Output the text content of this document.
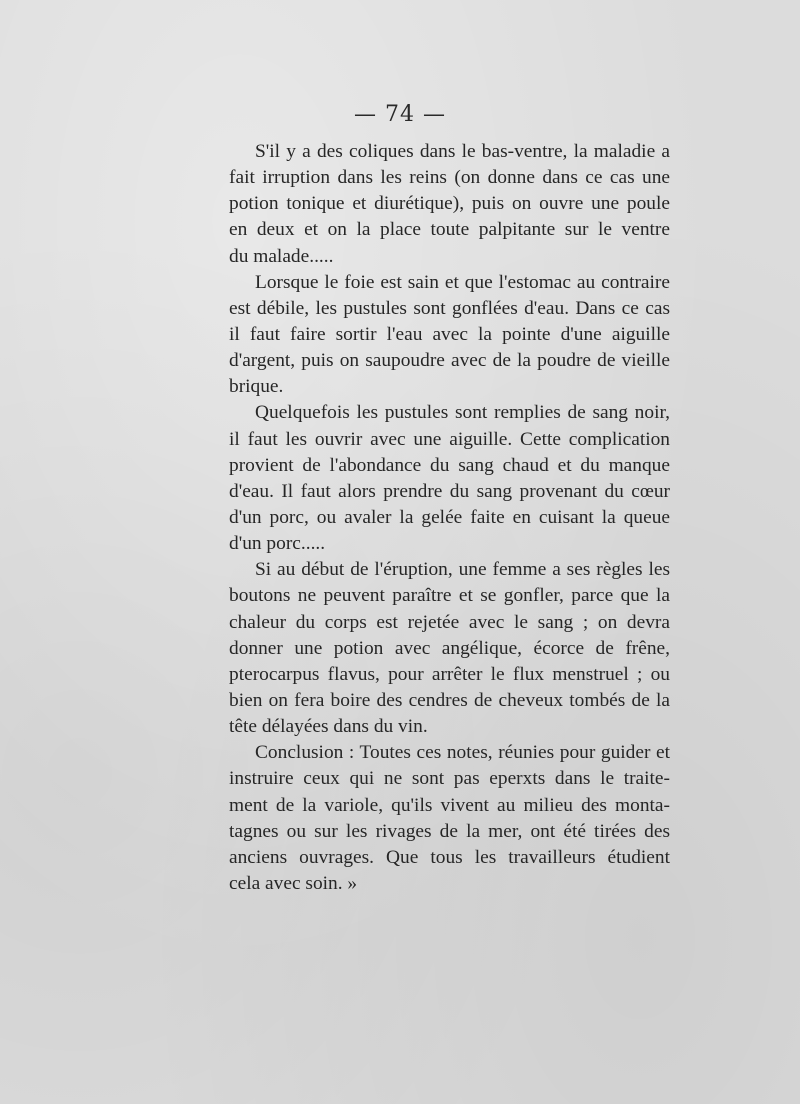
— 74 —
S'il y a des coliques dans le bas-ventre, la maladie a
fait irruption dans les reins (on donne dans ce cas une
potion tonique et diurétique), puis on ouvre une poule
en deux et on la place toute palpitante sur le ventre
du malade.....
Lorsque le foie est sain et que l'estomac au contraire
est débile, les pustules sont gonflées d'eau. Dans ce cas
il faut faire sortir l'eau avec la pointe d'une aiguille
d'argent, puis on saupoudre avec de la poudre de vieille
brique.
Quelquefois les pustules sont remplies de sang noir,
il faut les ouvrir avec une aiguille. Cette complication
provient de l'abondance du sang chaud et du manque
d'eau. Il faut alors prendre du sang provenant du cœur
d'un porc, ou avaler la gelée faite en cuisant la queue
d'un porc.....
Si au début de l'éruption, une femme a ses règles les
boutons ne peuvent paraître et se gonfler, parce que la
chaleur du corps est rejetée avec le sang ; on devra
donner une potion avec angélique, écorce de frêne,
pterocarpus flavus, pour arrêter le flux menstruel ; ou
bien on fera boire des cendres de cheveux tombés de la
tête délayées dans du vin.
Conclusion : Toutes ces notes, réunies pour guider et
instruire ceux qui ne sont pas eperxts dans le traite-
ment de la variole, qu'ils vivent au milieu des monta-
tagnes ou sur les rivages de la mer, ont été tirées des
anciens ouvrages. Que tous les travailleurs étudient
cela avec soin. »
